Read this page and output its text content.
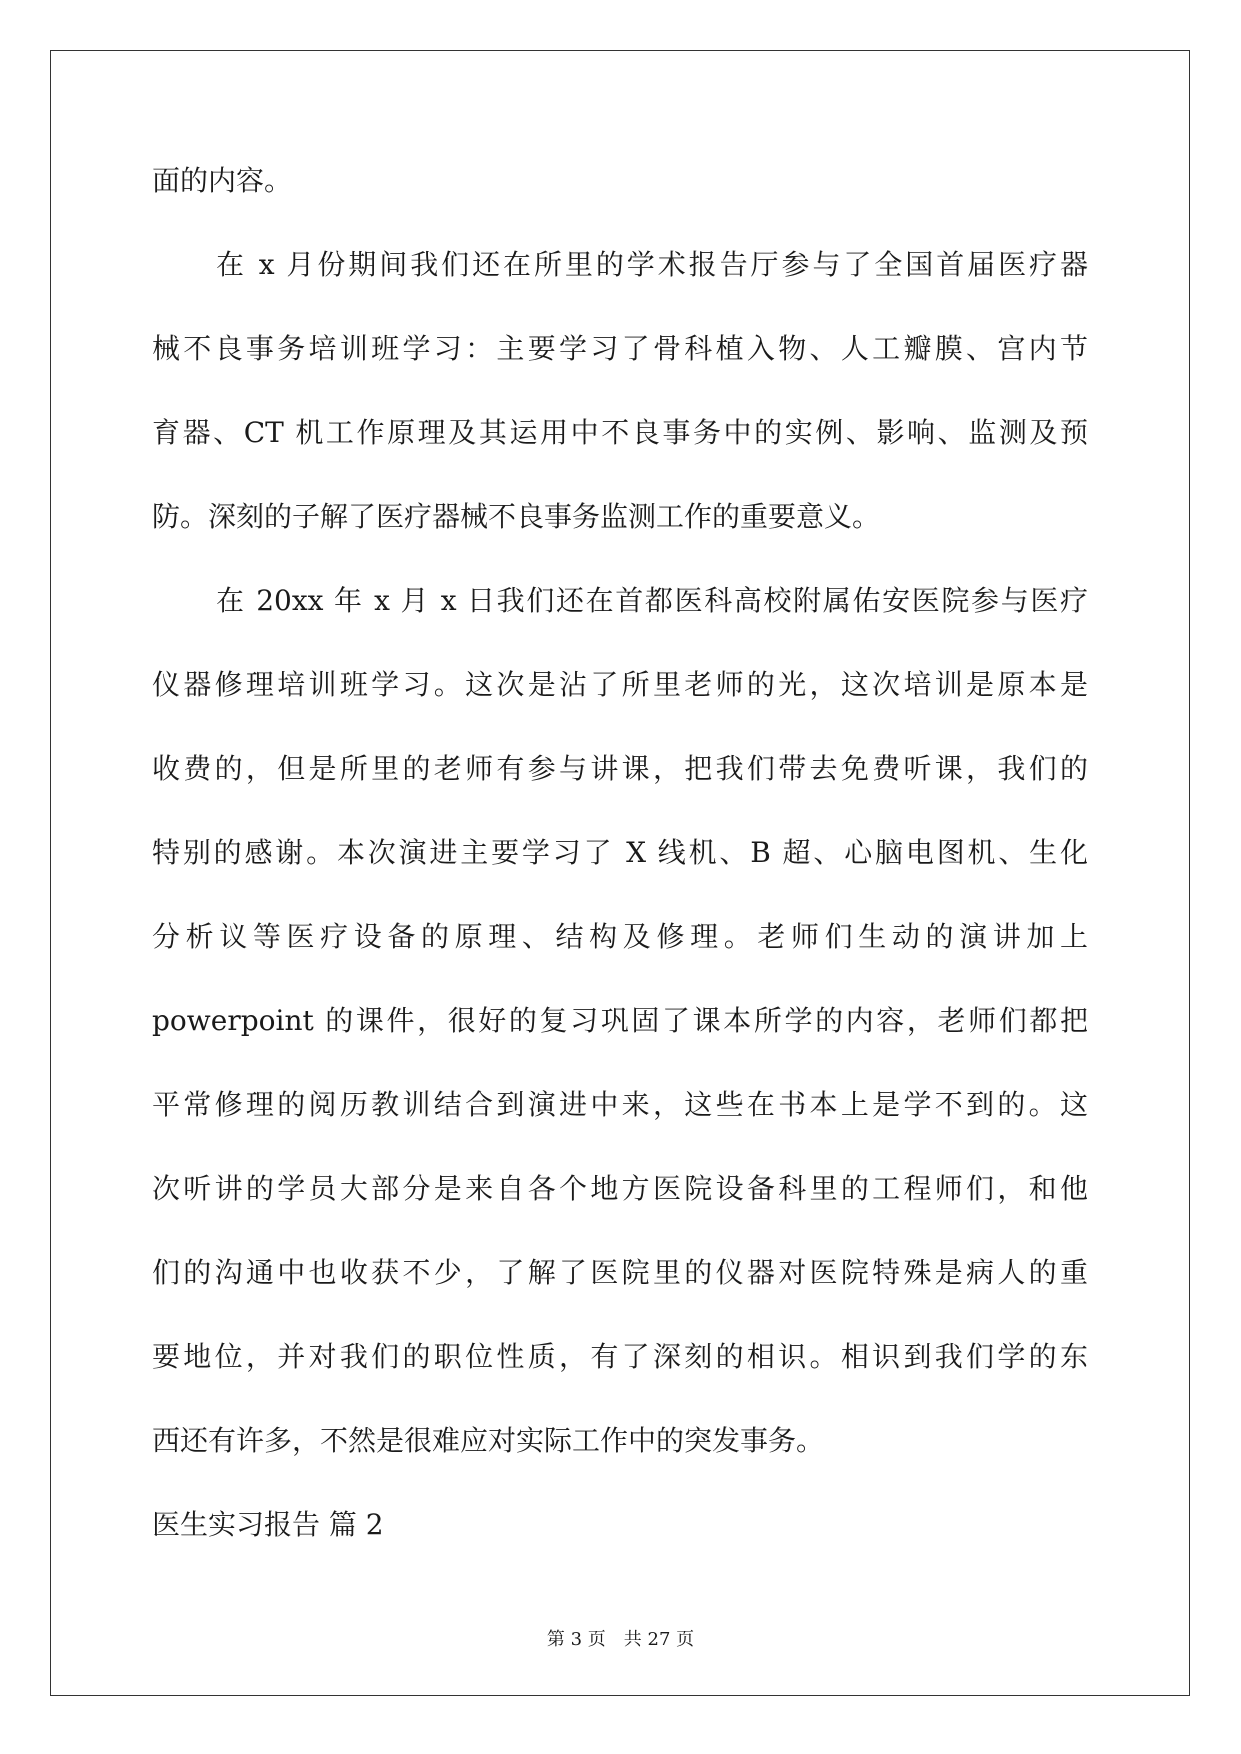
面的内容。
在 x 月份期间我们还在所里的学术报告厅参与了全国首届医疗器
械不良事务培训班学习：主要学习了骨科植入物、人工瓣膜、宫内节
育器、CT 机工作原理及其运用中不良事务中的实例、影响、监测及预
防。深刻的子解了医疗器械不良事务监测工作的重要意义。
在 20xx 年 x 月 x 日我们还在首都医科高校附属佑安医院参与医疗
仪器修理培训班学习。这次是沾了所里老师的光，这次培训是原本是
收费的，但是所里的老师有参与讲课，把我们带去免费听课，我们的
特别的感谢。本次演进主要学习了 X 线机、B 超、心脑电图机、生化
分析议等医疗设备的原理、结构及修理。老师们生动的演讲加上
powerpoint 的课件，很好的复习巩固了课本所学的内容，老师们都把
平常修理的阅历教训结合到演进中来，这些在书本上是学不到的。这
次听讲的学员大部分是来自各个地方医院设备科里的工程师们，和他
们的沟通中也收获不少，了解了医院里的仪器对医院特殊是病人的重
要地位，并对我们的职位性质，有了深刻的相识。相识到我们学的东
西还有许多，不然是很难应对实际工作中的突发事务。
医生实习报告 篇 2
第 3 页 共 27 页
